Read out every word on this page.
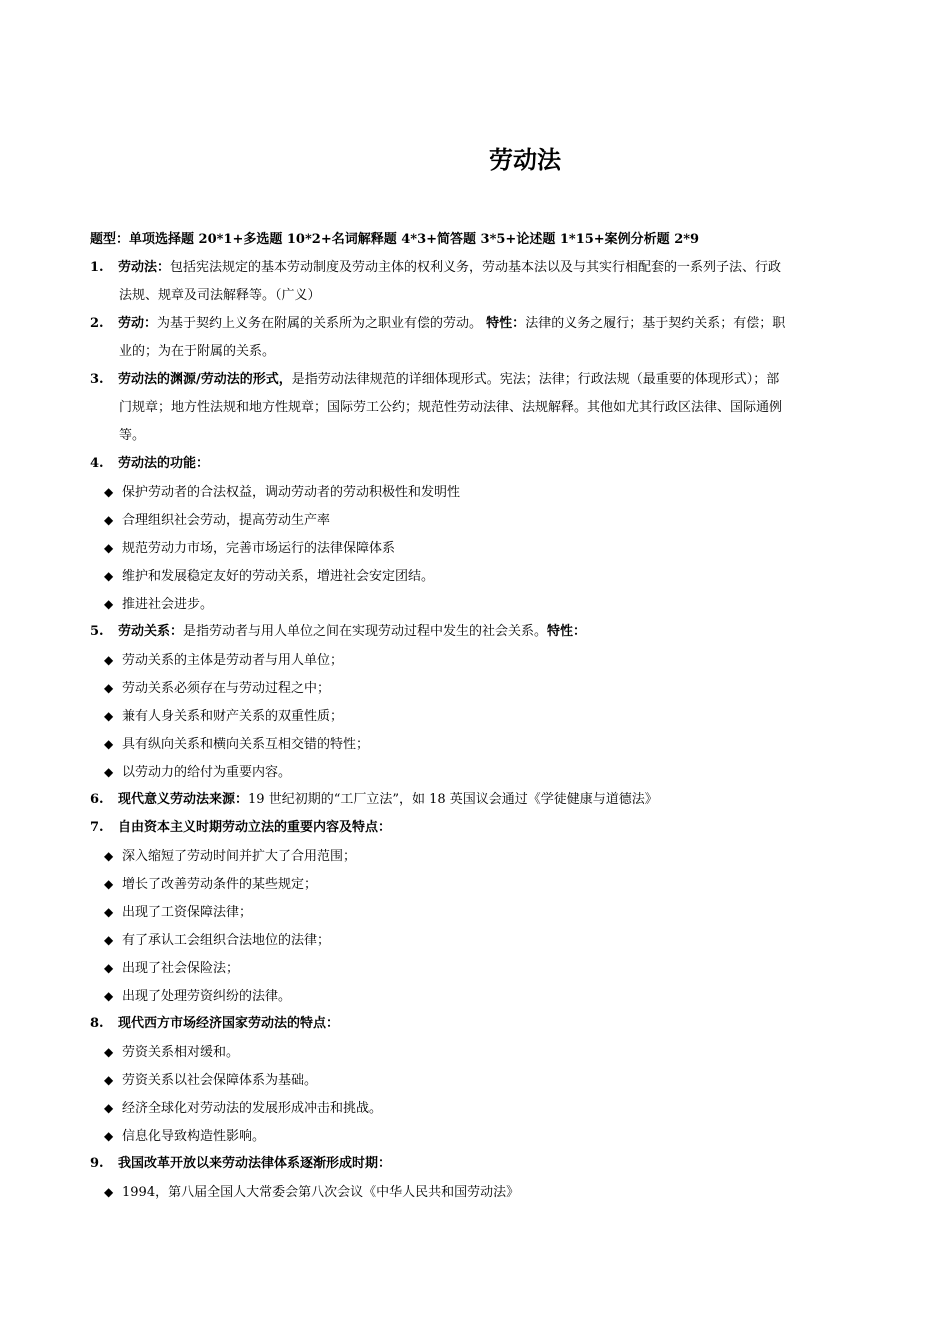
劳动法
题型：单项选择题 20*1+多选题 10*2+名词解释题 4*3+简答题 3*5+论述题 1*15+案例分析题 2*9
1. 劳动法：包括宪法规定的基本劳动制度及劳动主体的权利义务，劳动基本法以及与其实行相配套的一系列子法、行政
法规、规章及司法解释等。（广义）
2. 劳动：为基于契约上义务在附属的关系所为之职业有偿的劳动。 特性：法律的义务之履行；基于契约关系；有偿；职
业的；为在于附属的关系。
3. 劳动法的渊源/劳动法的形式，是指劳动法律规范的详细体现形式。宪法；法律；行政法规（最重要的体现形式）；部
门规章；地方性法规和地方性规章；国际劳工公约；规范性劳动法律、法规解释。其他如尤其行政区法律、国际通例
等。
4. 劳动法的功能：
◆ 保护劳动者的合法权益，调动劳动者的劳动积极性和发明性
◆ 合理组织社会劳动，提高劳动生产率
◆ 规范劳动力市场，完善市场运行的法律保障体系
◆ 维护和发展稳定友好的劳动关系，增进社会安定团结。
◆ 推进社会进步。
5. 劳动关系：是指劳动者与用人单位之间在实现劳动过程中发生的社会关系。特性：
◆ 劳动关系的主体是劳动者与用人单位；
◆ 劳动关系必须存在与劳动过程之中；
◆ 兼有人身关系和财产关系的双重性质；
◆ 具有纵向关系和横向关系互相交错的特性；
◆ 以劳动力的给付为重要内容。
6. 现代意义劳动法来源：19 世纪初期的“工厂立法”，如 18 英国议会通过《学徒健康与道德法》
7. 自由资本主义时期劳动立法的重要内容及特点：
◆ 深入缩短了劳动时间并扩大了合用范围；
◆ 增长了改善劳动条件的某些规定；
◆ 出现了工资保障法律；
◆ 有了承认工会组织合法地位的法律；
◆ 出现了社会保险法；
◆ 出现了处理劳资纠纷的法律。
8. 现代西方市场经济国家劳动法的特点：
◆ 劳资关系相对缓和。
◆ 劳资关系以社会保障体系为基础。
◆ 经济全球化对劳动法的发展形成冲击和挑战。
◆ 信息化导致构造性影响。
9. 我国改革开放以来劳动法律体系逐渐形成时期：
◆ 1994，第八届全国人大常委会第八次会议《中华人民共和国劳动法》
